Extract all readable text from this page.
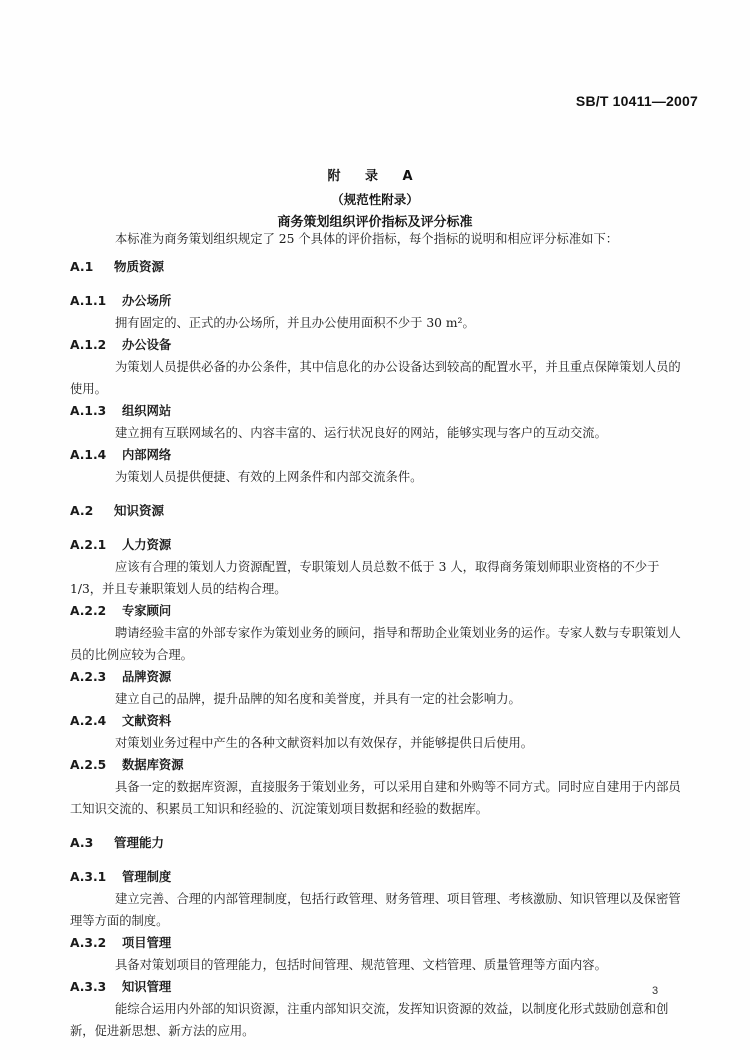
SB/T 10411—2007
附 录 A
（规范性附录）
商务策划组织评价指标及评分标准

本标准为商务策划组织规定了 25 个具体的评价指标，每个指标的说明和相应评分标准如下：

A.1 物质资源
A.1.1 办公场所

拥有固定的、正式的办公场所，并且办公使用面积不少于 30 m²。

A.1.2 办公设备

为策划人员提供必备的办公条件，其中信息化的办公设备达到较高的配置水平，并且重点保障策划人员的使用。

A.1.3 组织网站

建立拥有互联网域名的、内容丰富的、运行状况良好的网站，能够实现与客户的互动交流。

A.1.4 内部网络

为策划人员提供便捷、有效的上网条件和内部交流条件。

A.2 知识资源
A.2.1 人力资源

应该有合理的策划人力资源配置，专职策划人员总数不低于 3 人，取得商务策划师职业资格的不少于 1/3，并且专兼职策划人员的结构合理。

A.2.2 专家顾问

聘请经验丰富的外部专家作为策划业务的顾问，指导和帮助企业策划业务的运作。专家人数与专职策划人员的比例应较为合理。

A.2.3 品牌资源

建立自己的品牌，提升品牌的知名度和美誉度，并具有一定的社会影响力。

A.2.4 文献资料

对策划业务过程中产生的各种文献资料加以有效保存，并能够提供日后使用。

A.2.5 数据库资源

具备一定的数据库资源，直接服务于策划业务，可以采用自建和外购等不同方式。同时应自建用于内部员工知识交流的、积累员工知识和经验的、沉淀策划项目数据和经验的数据库。

A.3 管理能力
A.3.1 管理制度

建立完善、合理的内部管理制度，包括行政管理、财务管理、项目管理、考核激励、知识管理以及保密管理等方面的制度。

A.3.2 项目管理

具备对策划项目的管理能力，包括时间管理、规范管理、文档管理、质量管理等方面内容。

A.3.3 知识管理

能综合运用内外部的知识资源，注重内部知识交流，发挥知识资源的效益，以制度化形式鼓励创意和创新，促进新思想、新方法的应用。

3
